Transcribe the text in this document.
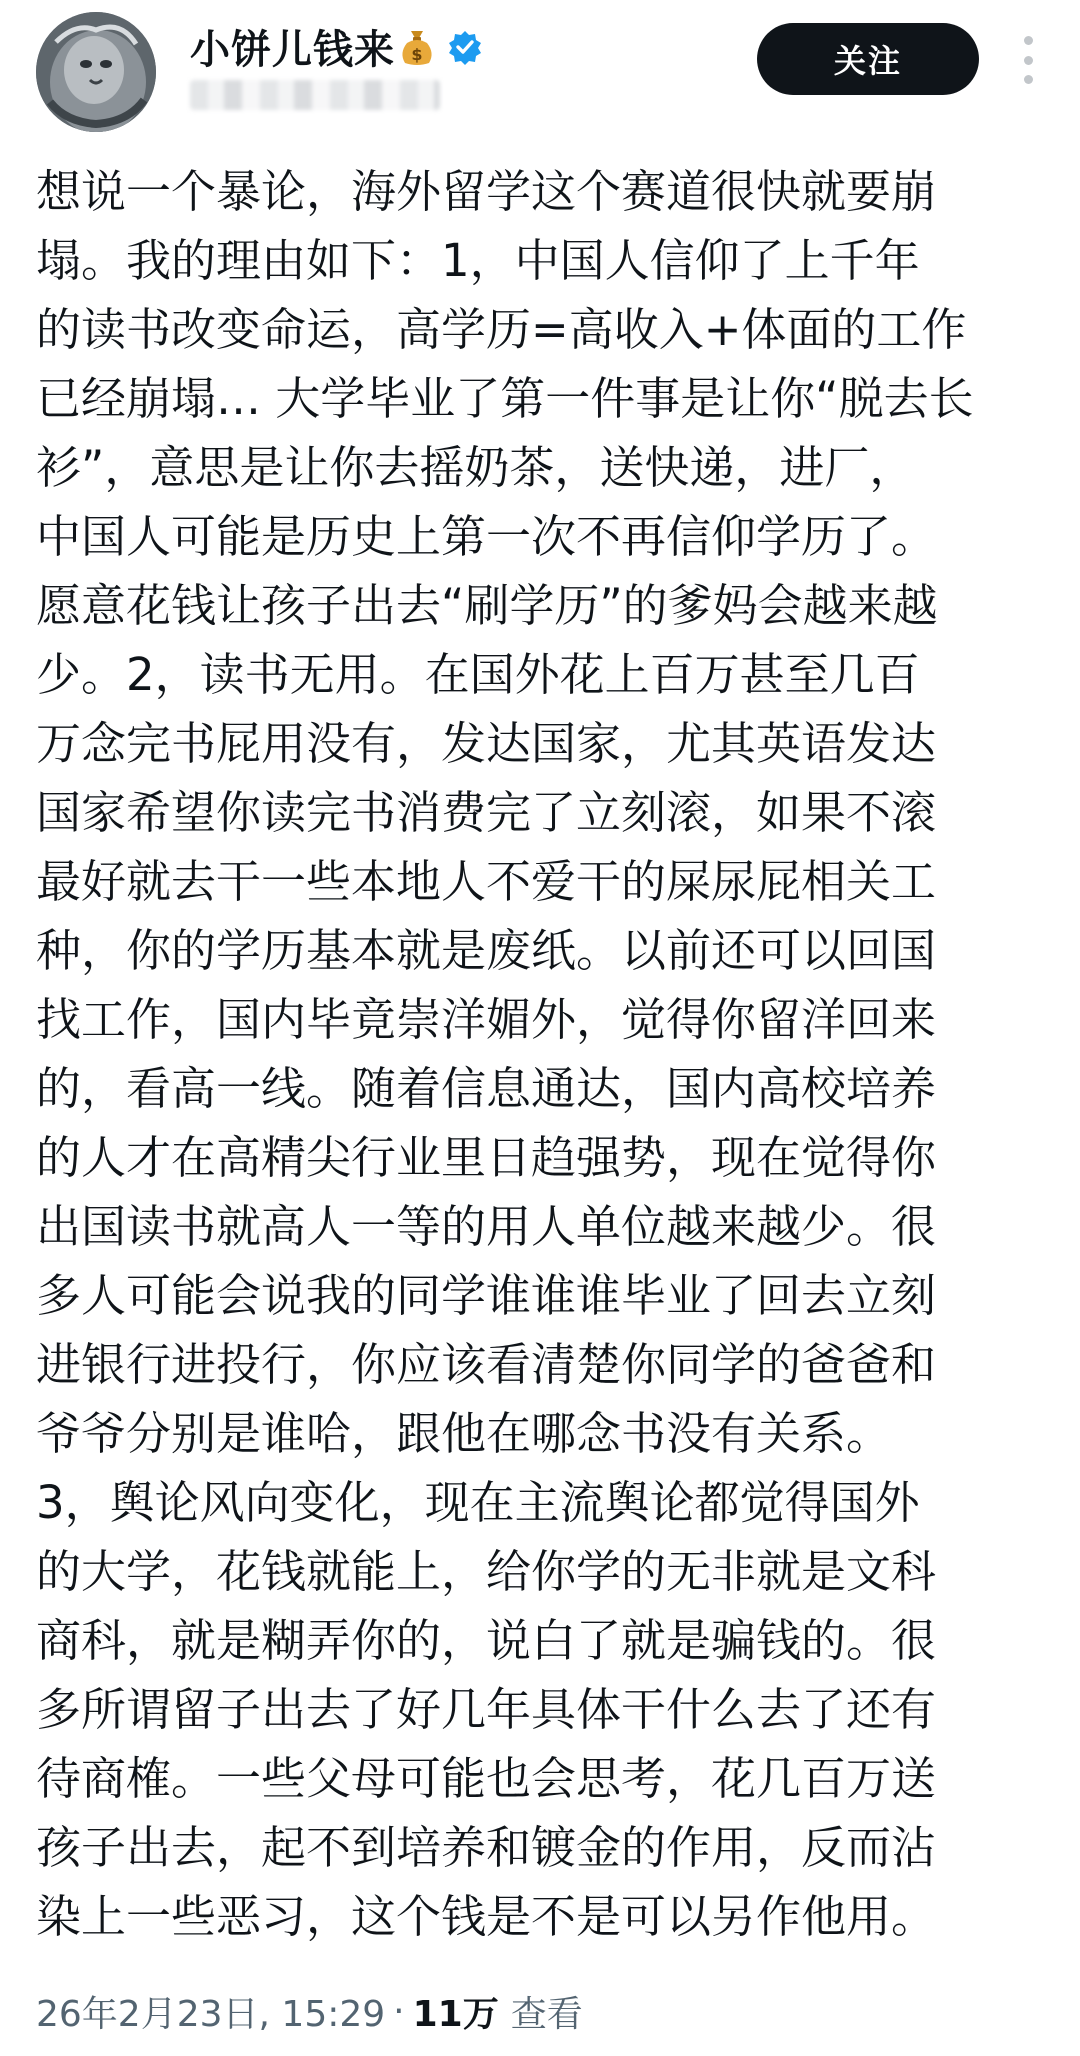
小饼儿钱来 $	关注
想说一个暴论，海外留学这个赛道很快就要崩
塌。我的理由如下：1，中国人信仰了上千年
的读书改变命运，高学历=高收入+体面的工作
已经崩塌… 大学毕业了第一件事是让你“脱去长
衫”，意思是让你去摇奶茶，送快递，进厂，
中国人可能是历史上第一次不再信仰学历了。
愿意花钱让孩子出去“刷学历”的爹妈会越来越
少。2，读书无用。在国外花上百万甚至几百
万念完书屁用没有，发达国家，尤其英语发达
国家希望你读完书消费完了立刻滚，如果不滚
最好就去干一些本地人不爱干的屎尿屁相关工
种，你的学历基本就是废纸。以前还可以回国
找工作，国内毕竟崇洋媚外，觉得你留洋回来
的，看高一线。随着信息通达，国内高校培养
的人才在高精尖行业里日趋强势，现在觉得你
出国读书就高人一等的用人单位越来越少。很
多人可能会说我的同学谁谁谁毕业了回去立刻
进银行进投行，你应该看清楚你同学的爸爸和
爷爷分别是谁哈，跟他在哪念书没有关系。
3，舆论风向变化，现在主流舆论都觉得国外
的大学，花钱就能上，给你学的无非就是文科
商科，就是糊弄你的，说白了就是骗钱的。很
多所谓留子出去了好几年具体干什么去了还有
待商榷。一些父母可能也会思考，花几百万送
孩子出去，起不到培养和镀金的作用，反而沾
染上一些恶习，这个钱是不是可以另作他用。
26年2月23日, 15:29 · 11万 查看
